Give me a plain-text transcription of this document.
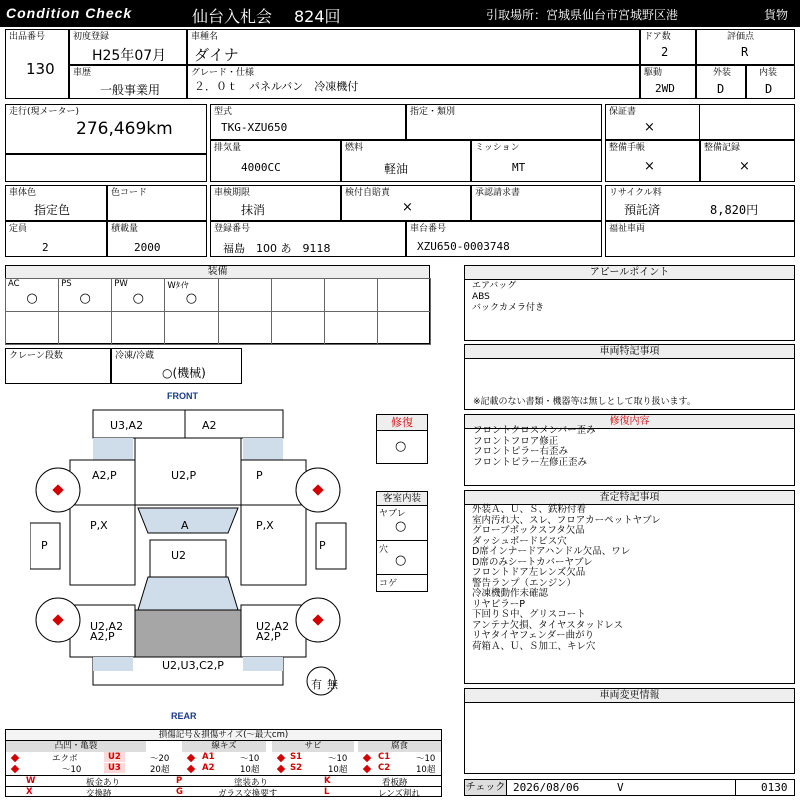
Condition Check	仙台入札会 824回	引取場所：宮城県仙台市宮城野区港	貨物
出品番号
130
初度登録
H25年07月
車種名
ダイナ
ドア数
2
評価点
R
車歴
一般事業用
グレード・仕様
２．０ｔ　パネルバン　冷凍機付
駆動
2WD
外装
D
内装
D
走行(現メーター)
276,469km
型式
TKG-XZU650
指定・類別
排気量
4000CC
燃料
軽油
ミッション
MT
保証書
×
整備手帳
×
整備記録
×
車体色
指定色
色コード
定員
2
積載量
2000
車検期限
抹消
検付自賠責
×
承認請求書
登録番号
福島　100 あ　9118
車台番号
XZU650-0003748
リサイクル料
預託済	8,820円
福祉車両
装備
AC
○
PS
○
PW
○
Wﾀｲﾔ
○
クレーン段数	冷凍/冷蔵
○(機械)
アピールポイント
エアバッグ
ABS
バックカメラ付き
車両特記事項
※記載のない書類・機器等は無しとして取り扱います。
修復内容
フロントクロスメンバー歪み
フロントフロア修正
フロントピラー右歪み
フロントピラー左修正歪み
査定特記事項
外装Ａ、Ｕ、Ｓ、鉄粉付着
室内汚れ大、スレ、フロアカーペットヤブレ
グローブボックスフタ欠品
ダッシュボードビス穴
D席インナードアハンドル欠品、ワレ
D席のみシートカバーヤブレ
フロントドア左レンズ欠品
警告ランプ（エンジン）
冷凍機動作未確認
リヤビラーP
下回りＳ中、グリスコート
アンテナ欠損、タイヤスタッドレス
リヤタイヤフェンダー曲がり
荷箱Ａ、Ｕ、Ｓ加工、キレ穴
車両変更情報
チェック 2026/08/06	V	0130
FRONT
REAR
U3,A2	A2
A2,P	U2,P	P
P,X	A	P,X
P
U2
P
U2,A2
A2,P
U2,A2
A2,P
U2,U3,C2,P
有 無
修復
○
客室内装
ヤブレ
○
穴
○
コゲ
損傷記号＆損傷サイズ(～最大cm)
凸凹・亀裂	線キズ	サビ	腐食
エクボ	U2	～20	A1	～10	S1	～10	C1	～10
～10	U3	20超	A2	10超	S2	10超	C2	10超
W	板金あり	P	塗装あり	K	看板跡
X	交換跡	G	ガラス交換要す	L	レンズ割れ
